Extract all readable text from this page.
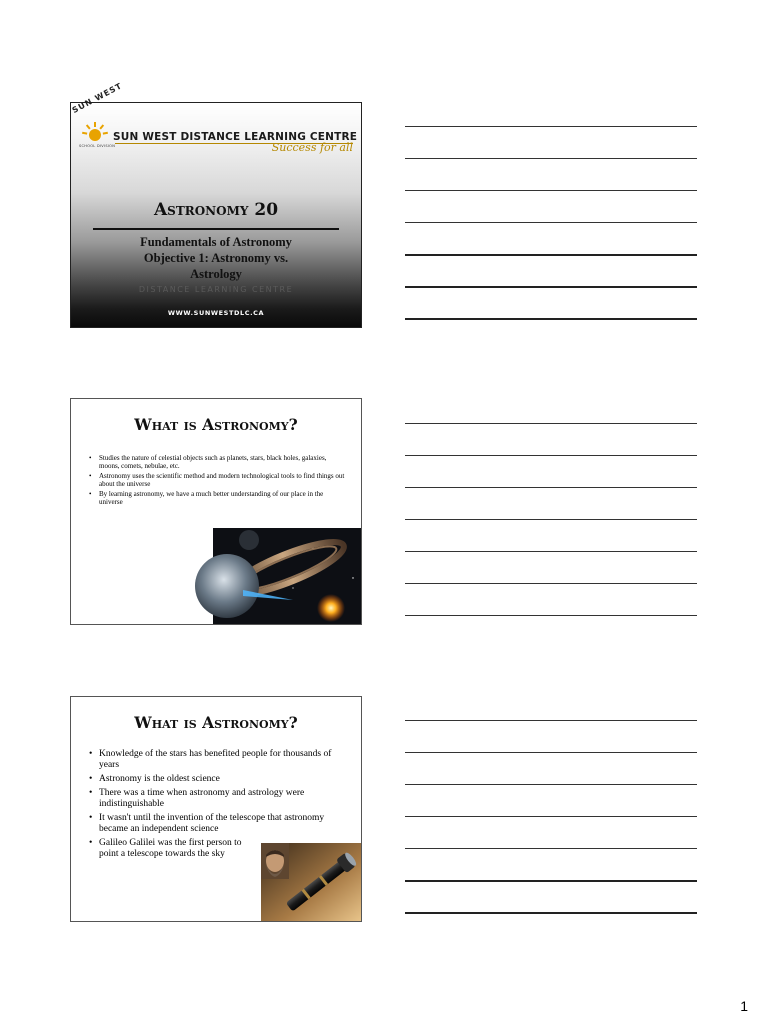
SUN WEST
SUN WEST DISTANCE LEARNING CENTRE
SCHOOL DIVISION	Success for all
Astronomy 20
Fundamentals of Astronomy
Objective 1: Astronomy vs.
Astrology
DISTANCE LEARNING CENTRE
WWW.SUNWESTDLC.CA
What is Astronomy?
• Studies the nature of celestial objects such as planets, stars, black holes, galaxies, moons, comets, nebulae, etc.
• Astronomy uses the scientific method and modern technological tools to find things out about the universe
• By learning astronomy, we have a much better understanding of our place in the universe
What is Astronomy?
• Knowledge of the stars has benefited people for thousands of years
• Astronomy is the oldest science
• There was a time when astronomy and astrology were indistinguishable
• It wasn't until the invention of the telescope that astronomy became an independent science
• Galileo Galilei was the first person to point a telescope towards the sky
1
